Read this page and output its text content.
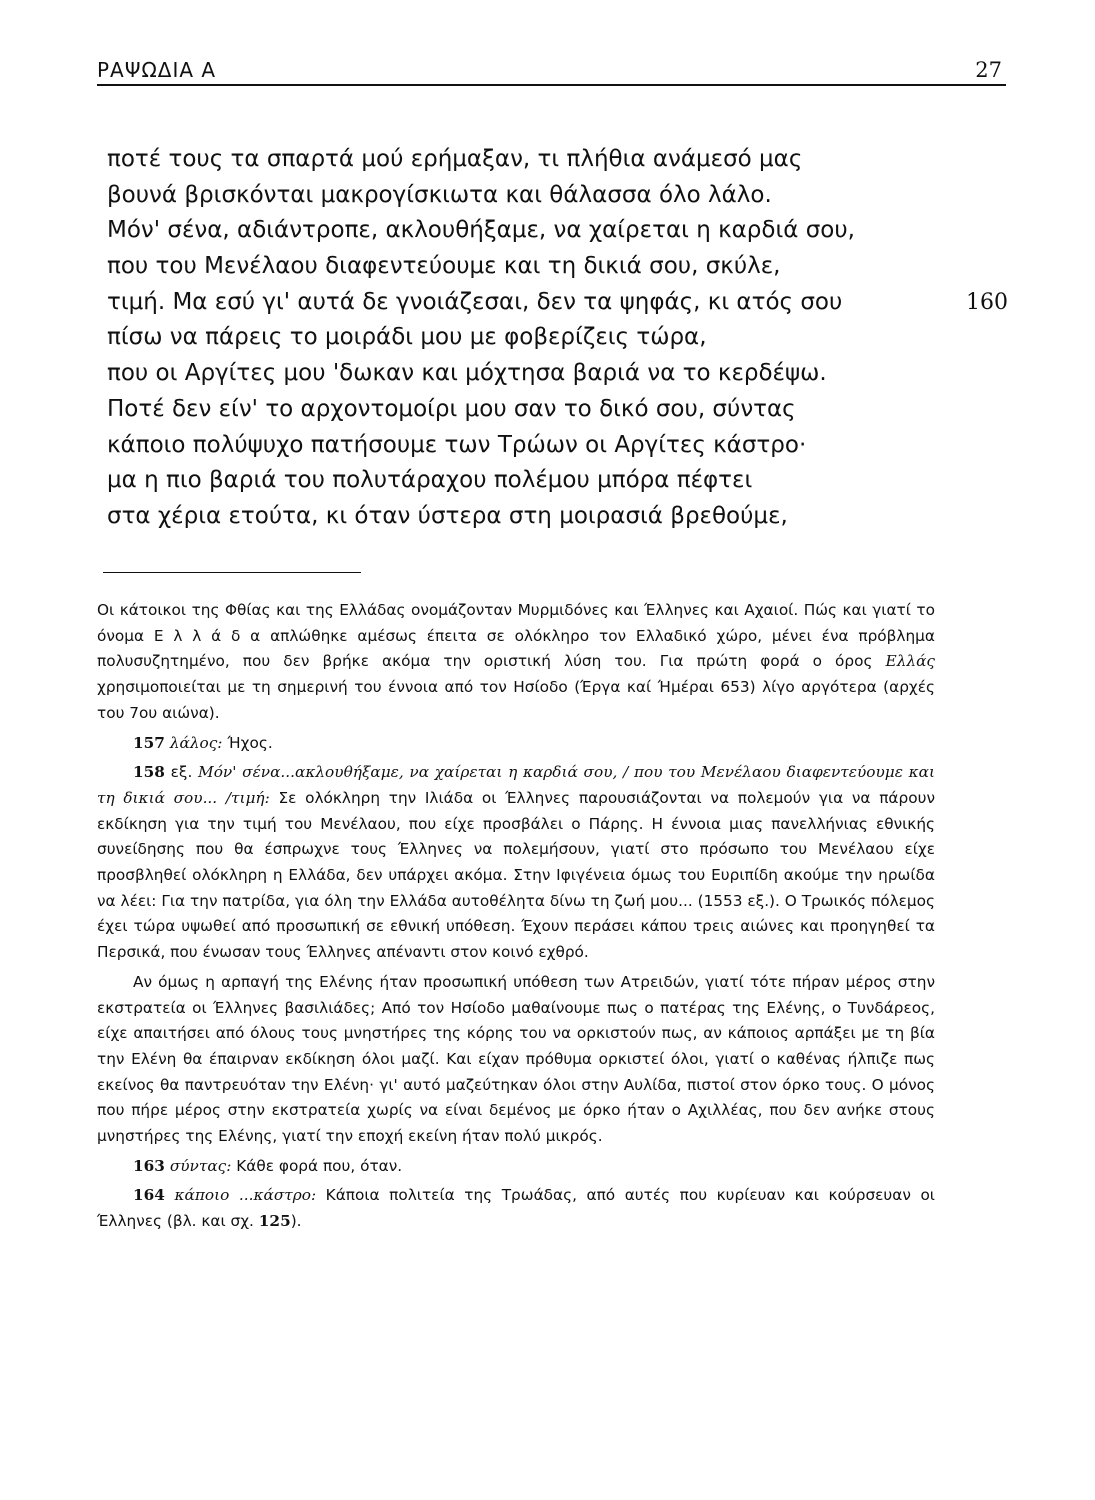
ΡΑΨΩΔΙΑ Α	27
ποτέ τους τα σπαρτά μού ερήμαξαν, τι πλήθια ανάμεσό μας
βουνά βρισκόνται μακρογίσκιωτα και θάλασσα όλο λάλο.
Μόν' σένα, αδιάντροπε, ακλουθήξαμε, να χαίρεται η καρδιά σου,
που του Μενέλαου διαφεντεύουμε και τη δικιά σου, σκύλε,
τιμή. Μα εσύ γι' αυτά δε γνοιάζεσαι, δεν τα ψηφάς, κι ατός σου	160
πίσω να πάρεις το μοιράδι μου με φοβερίζεις τώρα,
που οι Αργίτες μου 'δωκαν και μόχτησα βαριά να το κερδέψω.
Ποτέ δεν είν' το αρχοντομοίρι μου σαν το δικό σου, σύντας
κάποιο πολύψυχο πατήσουμε των Τρώων οι Αργίτες κάστρο·
μα η πιο βαριά του πολυτάραχου πολέμου μπόρα πέφτει
στα χέρια ετούτα, κι όταν ύστερα στη μοιρασιά βρεθούμε,

Οι κάτοικοι της Φθίας και της Ελλάδας ονομάζονταν Μυρμιδόνες και Έλληνες και Αχαιοί. Πώς και γιατί το όνομα Ε λ λ ά δ α απλώθηκε αμέσως έπειτα σε ολόκληρο τον Ελλαδικό χώρο, μένει ένα πρόβλημα πολυσυζητημένο, που δεν βρήκε ακόμα την οριστική λύση του. Για πρώτη φορά ο όρος Ελλάς χρησιμοποιείται με τη σημερινή του έννοια από τον Ησίοδο (Έργα καί Ήμέραι 653) λίγο αργότερα (αρχές του 7ου αιώνα).

157 λάλος: Ήχος.

158 εξ. Μόν' σένα...ακλουθήξαμε, να χαίρεται η καρδιά σου, / που του Μενέλαου διαφεντεύουμε και τη δικιά σου... /τιμή: Σε ολόκληρη την Ιλιάδα οι Έλληνες παρουσιάζονται να πολεμούν για να πάρουν εκδίκηση για την τιμή του Μενέλαου, που είχε προσβάλει ο Πάρης. Η έννοια μιας πανελλήνιας εθνικής συνείδησης που θα έσπρωχνε τους Έλληνες να πολεμήσουν, γιατί στο πρόσωπο του Μενέλαου είχε προσβληθεί ολόκληρη η Ελλάδα, δεν υπάρχει ακόμα. Στην Ιφιγένεια όμως του Ευριπίδη ακούμε την ηρωίδα να λέει: Για την πατρίδα, για όλη την Ελλάδα αυτοθέλητα δίνω τη ζωή μου... (1553 εξ.). Ο Τρωικός πόλεμος έχει τώρα υψωθεί από προσωπική σε εθνική υπόθεση. Έχουν περάσει κάπου τρεις αιώνες και προηγηθεί τα Περσικά, που ένωσαν τους Έλληνες απέναντι στον κοινό εχθρό.

Αν όμως η αρπαγή της Ελένης ήταν προσωπική υπόθεση των Ατρειδών, γιατί τότε πήραν μέρος στην εκστρατεία οι Έλληνες βασιλιάδες; Από τον Ησίοδο μαθαίνουμε πως ο πατέρας της Ελένης, ο Τυνδάρεος, είχε απαιτήσει από όλους τους μνηστήρες της κόρης του να ορκιστούν πως, αν κάποιος αρπάξει με τη βία την Ελένη θα έπαιρναν εκδίκηση όλοι μαζί. Και είχαν πρόθυμα ορκιστεί όλοι, γιατί ο καθένας ήλπιζε πως εκείνος θα παντρευόταν την Ελένη· γι' αυτό μαζεύτηκαν όλοι στην Αυλίδα, πιστοί στον όρκο τους. Ο μόνος που πήρε μέρος στην εκστρατεία χωρίς να είναι δεμένος με όρκο ήταν ο Αχιλλέας, που δεν ανήκε στους μνηστήρες της Ελένης, γιατί την εποχή εκείνη ήταν πολύ μικρός.

163 σύντας: Κάθε φορά που, όταν.

164 κάποιο ...κάστρο: Κάποια πολιτεία της Τρωάδας, από αυτές που κυρίευαν και κούρσευαν οι Έλληνες (βλ. και σχ. 125).
